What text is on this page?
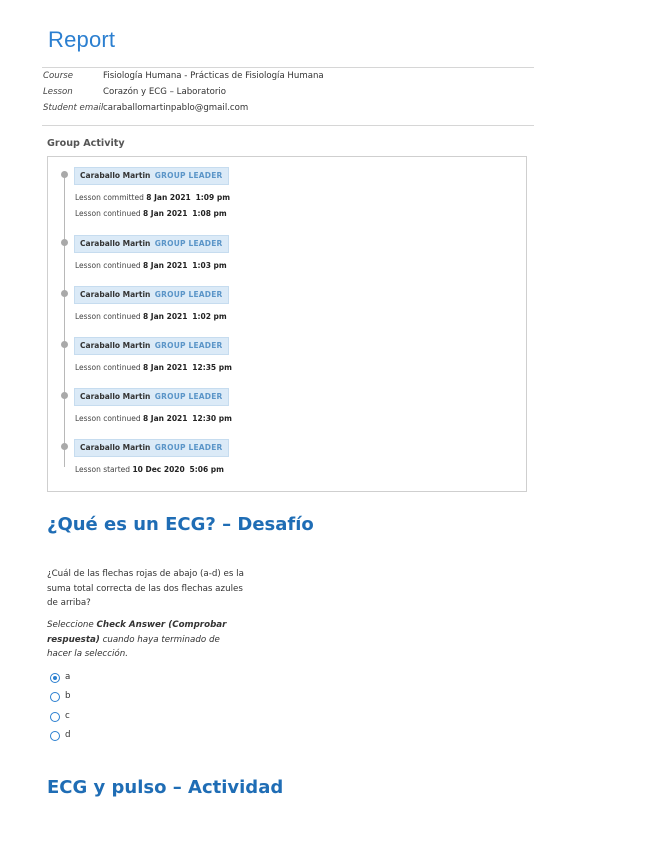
Report
Course	Fisiología Humana - Prácticas de Fisiología Humana
Lesson	Corazón y ECG – Laboratorio
Student email caraballomartinpablo@gmail.com
Group Activity
Caraballo Martin GROUP LEADER
Lesson committed 8 Jan 2021 1:09 pm
Lesson continued 8 Jan 2021 1:08 pm
Caraballo Martin GROUP LEADER
Lesson continued 8 Jan 2021 1:03 pm
Caraballo Martin GROUP LEADER
Lesson continued 8 Jan 2021 1:02 pm
Caraballo Martin GROUP LEADER
Lesson continued 8 Jan 2021 12:35 pm
Caraballo Martin GROUP LEADER
Lesson continued 8 Jan 2021 12:30 pm
Caraballo Martin GROUP LEADER
Lesson started 10 Dec 2020 5:06 pm
¿Qué es un ECG? – Desafío
¿Cuál de las flechas rojas de abajo (a-d) es la suma total correcta de las dos flechas azules de arriba?
Seleccione Check Answer (Comprobar respuesta) cuando haya terminado de hacer la selección.
a
b
c
d
ECG y pulso – Actividad
